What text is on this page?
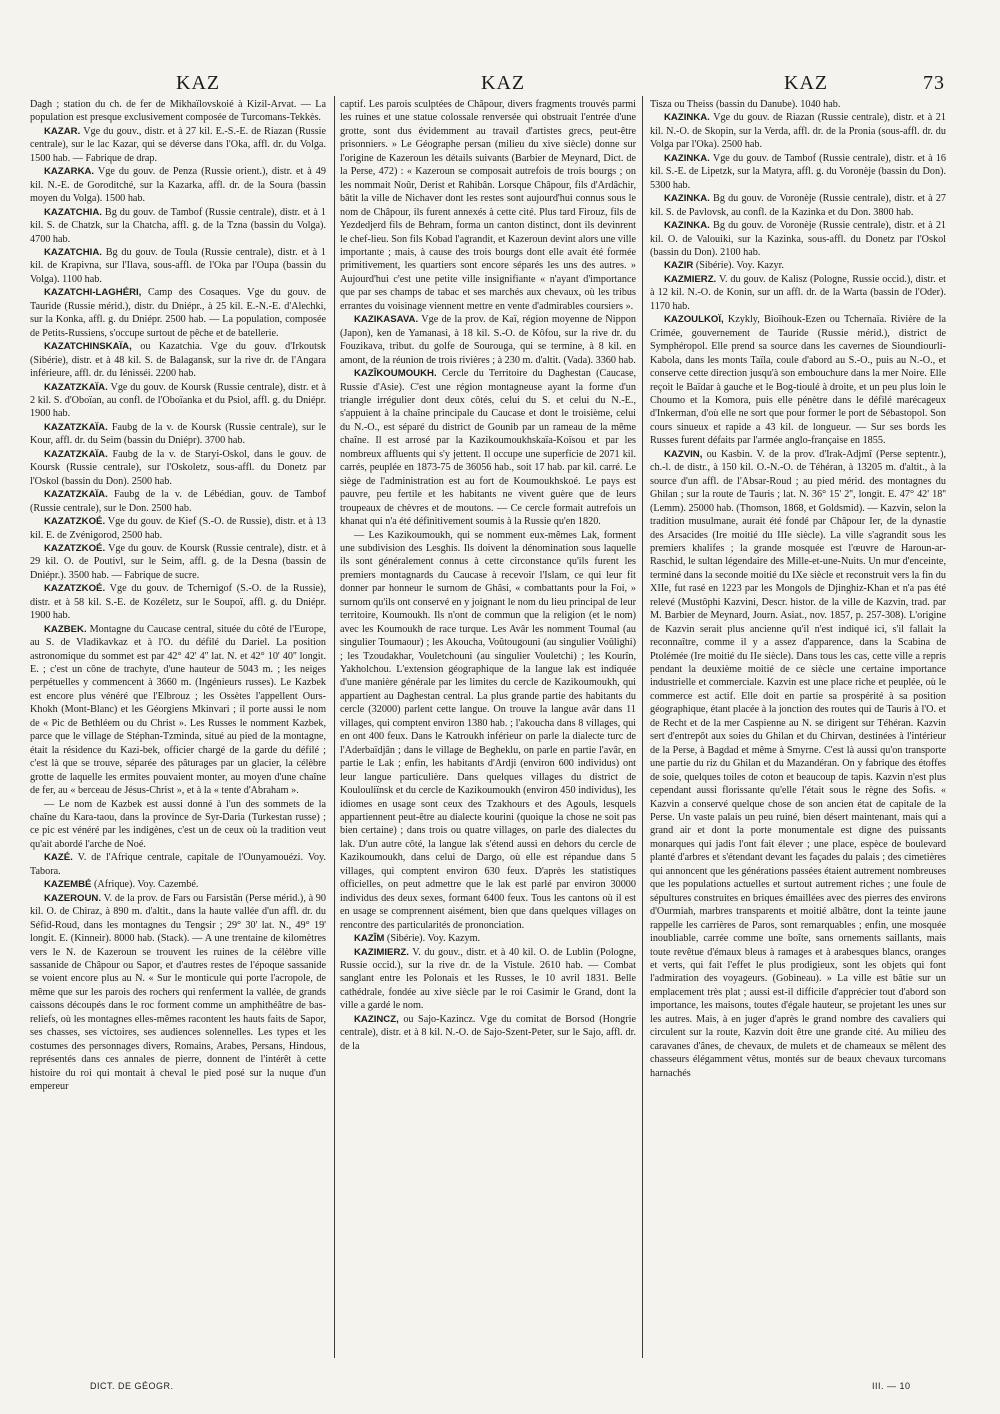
KAZ	KAZ	KAZ	73

Dagh ; station du ch. de fer de Mikhaïlovskoié à Kizil-Arvat. — La population est presque exclusivement composée de Turcomans-Tekkès.

KAZAR. Vge du gouv., distr. et à 27 kil. E.-S.-E. de Riazan (Russie centrale), sur le lac Kazar, qui se déverse dans l'Oka, affl. dr. du Volga. 1500 hab. — Fabrique de drap.

KAZARKA. Vge du gouv. de Penza (Russie orient.), distr. et à 49 kil. N.-E. de Goroditché, sur la Kazarka, affl. dr. de la Soura (bassin moyen du Volga). 1500 hab.

KAZATCHIA. Bg du gouv. de Tambof (Russie centrale), distr. et à 1 kil. S. de Chatzk, sur la Chatcha, affl. g. de la Tzna (bassin du Volga). 4700 hab.

KAZATCHIA. Bg du gouv. de Toula (Russie centrale), distr. et à 1 kil. de Krapivna, sur l'Ilava, sous-affl. de l'Oka par l'Oupa (bassin du Volga). 1100 hab.

KAZATCHI-LAGHÉRI, Camp des Cosaques. Vge du gouv. de Tauride (Russie mérid.), distr. du Dniépr., à 25 kil. E.-N.-E. d'Alechki, sur la Konka, affl. g. du Dniépr. 2500 hab. — La population, composée de Petits-Russiens, s'occupe surtout de pêche et de batellerie.

KAZATCHINSKAÏA, ou Kazatchia. Vge du gouv. d'Irkoutsk (Sibérie), distr. et à 48 kil. S. de Balagansk, sur la rive dr. de l'Angara inférieure, affl. dr. du Iénisséi. 2200 hab.

KAZATZKAÏA. Vge du gouv. de Koursk (Russie centrale), distr. et à 2 kil. S. d'Oboïan, au confl. de l'Oboïanka et du Psiol, affl. g. du Dniépr. 1900 hab.

KAZATZKAÏA. Faubg de la v. de Koursk (Russie centrale), sur le Kour, affl. dr. du Seim (bassin du Dniépr). 3700 hab.

KAZATZKAÏA. Faubg de la v. de Staryi-Oskol, dans le gouv. de Koursk (Russie centrale), sur l'Oskoletz, sous-affl. du Donetz par l'Oskol (bassin du Don). 2500 hab.

KAZATZKAÏA. Faubg de la v. de Lébédian, gouv. de Tambof (Russie centrale), sur le Don. 2500 hab.

KAZATZKOÉ. Vge du gouv. de Kief (S.-O. de Russie), distr. et à 13 kil. E. de Zvénigorod, 2500 hab.

KAZATZKOÉ. Vge du gouv. de Koursk (Russie centrale), distr. et à 29 kil. O. de Poutivl, sur le Seim, affl. g. de la Desna (bassin de Dniépr.). 3500 hab. — Fabrique de sucre.

KAZATZKOÉ. Vge du gouv. de Tchernigof (S.-O. de la Russie), distr. et à 58 kil. S.-E. de Kozéletz, sur le Soupoï, affl. g. du Dniépr. 1900 hab.

KAZBEK. Montagne du Caucase central, située du côté de l'Europe, au S. de Vladikavkaz et à l'O. du défilé du Dariel. La position astronomique du sommet est par 42° 42' 4'' lat. N. et 42° 10' 40'' longit. E. ; c'est un cône de trachyte, d'une hauteur de 5043 m. ; les neiges perpétuelles y commencent à 3660 m. (Ingénieurs russes). Le Kazbek est encore plus vénéré que l'Elbrouz ; les Ossètes l'appellent Ours-Khokh (Mont-Blanc) et les Géorgiens Mkinvari ; il porte aussi le nom de « Pic de Bethléem ou du Christ ». Les Russes le nomment Kazbek, parce que le village de Stéphan-Tzminda, situé au pied de la montagne, était la résidence du Kazi-bek, officier chargé de la garde du défilé ; c'est là que se trouve, séparée des pâturages par un glacier, la célèbre grotte de laquelle les ermites pouvaient monter, au moyen d'une chaîne de fer, au « berceau de Jésus-Christ », et à la « tente d'Abraham ».

— Le nom de Kazbek est aussi donné à l'un des sommets de la chaîne du Kara-taou, dans la province de Syr-Daria (Turkestan russe) ; ce pic est vénéré par les indigènes, c'est un de ceux où la tradition veut qu'ait abordé l'arche de Noé.

KAZÉ. V. de l'Afrique centrale, capitale de l'Ounyamouézi. Voy. Tabora.

KAZEMBÉ (Afrique). Voy. Cazembé.

KAZEROUN. V. de la prov. de Fars ou Farsistân (Perse mérid.), à 90 kil. O. de Chiraz, à 890 m. d'altit., dans la haute vallée d'un affl. dr. du Séfid-Roud, dans les montagnes du Tengsir ; 29° 30' lat. N., 49° 19' longit. E. (Kinneir). 8000 hab. (Stack). — A une trentaine de kilomètres vers le N. de Kazeroun se trouvent les ruines de la célèbre ville sassanide de Châpour ou Sapor, et d'autres restes de l'époque sassanide se voient encore plus au N. « Sur le monticule qui porte l'acropole, de même que sur les parois des rochers qui renferment la vallée, de grands caissons découpés dans le roc forment comme un amphithéâtre de bas-reliefs, où les montagnes elles-mêmes racontent les hauts faits de Sapor, ses chasses, ses victoires, ses audiences solennelles. Les types et les costumes des personnages divers, Romains, Arabes, Persans, Hindous, représentés dans ces annales de pierre, donnent de l'intérêt à cette histoire du roi qui montait à cheval le pied posé sur la nuque d'un empereur

captif. Les parois sculptées de Châpour, divers fragments trouvés parmi les ruines et une statue colossale renversée qui obstruait l'entrée d'une grotte, sont dus évidemment au travail d'artistes grecs, peut-être prisonniers. » Le Géographe persan (milieu du xive siècle) donne sur l'origine de Kazeroun les détails suivants (Barbier de Meynard, Dict. de la Perse, 472) : « Kazeroun se composait autrefois de trois bourgs ; on les nommait Noûr, Derist et Rahibân. Lorsque Châpour, fils d'Ardâchir, bâtit la ville de Nichaver dont les restes sont aujourd'hui connus sous le nom de Châpour, ils furent annexés à cette cité. Plus tard Firouz, fils de Yezdedjerd fils de Behram, forma un canton distinct, dont ils devinrent le chef-lieu. Son fils Kobad l'agrandit, et Kazeroun devint alors une ville importante ; mais, à cause des trois bourgs dont elle avait été formée primitivement, les quartiers sont encore séparés les uns des autres. » Aujourd'hui c'est une petite ville insignifiante « n'ayant d'importance que par ses champs de tabac et ses marchés aux chevaux, où les tribus errantes du voisinage viennent mettre en vente d'admirables coursiers ».

KAZIKASAVA. Vge de la prov. de Kaï, région moyenne de Nippon (Japon), ken de Yamanasi, à 18 kil. S.-O. de Kôfou, sur la rive dr. du Fouzikava, tribut. du golfe de Sourouga, qui se termine, à 8 kil. en amont, de la réunion de trois rivières ; à 230 m. d'altit. (Vada). 3360 hab.

KAZÎKOUMOUKH. Cercle du Territoire du Daghestan (Caucase, Russie d'Asie). C'est une région montagneuse ayant la forme d'un triangle irrégulier dont deux côtés, celui du S. et celui du N.-E., s'appuient à la chaîne principale du Caucase et dont le troisième, celui du N.-O., est séparé du district de Gounib par un rameau de la même chaîne. Il est arrosé par la Kazikoumoukhskaïa-Koïsou et par les nombreux affluents qui s'y jettent. Il occupe une superficie de 2071 kil. carrés, peuplée en 1873-75 de 36056 hab., soit 17 hab. par kil. carré. Le siège de l'administration est au fort de Koumoukhskoé. Le pays est pauvre, peu fertile et les habitants ne vivent guère que de leurs troupeaux de chèvres et de moutons. — Ce cercle formait autrefois un khanat qui n'a été définitivement soumis à la Russie qu'en 1820.

— Les Kazikoumoukh, qui se nomment eux-mêmes Lak, forment une subdivision des Lesghis. Ils doivent la dénomination sous laquelle ils sont généralement connus à cette circonstance qu'ils furent les premiers montagnards du Caucase à recevoir l'Islam, ce qui leur fit donner par honneur le surnom de Ghâsi, « combattants pour la Foi, » surnom qu'ils ont conservé en y joignant le nom du lieu principal de leur territoire, Koumoukh. Ils n'ont de commun que la religion (et le nom) avec les Koumoukh de race turque. Les Avâr les nomment Toumal (au singulier Toumaour) ; les Akoucha, Voûtougouni (au singulier Voûlighi) ; les Tzoudakhar, Vouletchouni (au singulier Vouletchi) ; les Kourîn, Yakholchou. L'extension géographique de la langue lak est indiquée d'une manière générale par les limites du cercle de Kazikoumoukh, qui appartient au Daghestan central. La plus grande partie des habitants du cercle (32000) parlent cette langue. On trouve la langue avâr dans 11 villages, qui comptent environ 1380 hab. ; l'akoucha dans 8 villages, qui en ont 400 feux. Dans le Katroukh inférieur on parle la dialecte turc de l'Aderbaïdjân ; dans le village de Begheklu, on parle en partie l'avâr, en partie le Lak ; enfin, les habitants d'Ardji (environ 600 individus) ont leur langue particulière. Dans quelques villages du district de Koulouliïnsk et du cercle de Kazikoumoukh (environ 450 individus), les idiomes en usage sont ceux des Tzakhours et des Agouls, lesquels appartiennent peut-être au dialecte kourini (quoique la chose ne soit pas bien certaine) ; dans trois ou quatre villages, on parle des dialectes du lak. D'un autre côté, la langue lak s'étend aussi en dehors du cercle de Kazikoumoukh, dans celui de Dargo, où elle est répandue dans 5 villages, qui comptent environ 630 feux. D'après les statistiques officielles, on peut admettre que le lak est parlé par environ 30000 individus des deux sexes, formant 6400 feux. Tous les cantons où il est en usage se comprennent aisément, bien que dans quelques villages on rencontre des particularités de prononciation.

KAZÎM (Sibérie). Voy. Kazym.

KAZIMIERZ. V. du gouv., distr. et à 40 kil. O. de Lublin (Pologne, Russie occid.), sur la rive dr. de la Vistule. 2610 hab. — Combat sanglant entre les Polonais et les Russes, le 10 avril 1831. Belle cathédrale, fondée au xive siècle par le roi Casimir le Grand, dont la ville a gardé le nom.

KAZINCZ, ou Sajo-Kazincz. Vge du comitat de Borsod (Hongrie centrale), distr. et à 8 kil. N.-O. de Sajo-Szent-Peter, sur le Sajo, affl. dr. de la

Tisza ou Theiss (bassin du Danube). 1040 hab.

KAZINKA. Vge du gouv. de Riazan (Russie centrale), distr. et à 21 kil. N.-O. de Skopin, sur la Verda, affl. dr. de la Pronia (sous-affl. dr. du Volga par l'Oka). 2500 hab.

KAZINKA. Vge du gouv. de Tambof (Russie centrale), distr. et à 16 kil. S.-E. de Lipetzk, sur la Matyra, affl. g. du Voronèje (bassin du Don). 5300 hab.

KAZINKA. Bg du gouv. de Voronèje (Russie centrale), distr. et à 27 kil. S. de Pavlovsk, au confl. de la Kazinka et du Don. 3800 hab.

KAZINKA. Bg du gouv. de Voronèje (Russie centrale), distr. et à 21 kil. O. de Valouiki, sur la Kazinka, sous-affl. du Donetz par l'Oskol (bassin du Don). 2100 hab.

KAZIR (Sibérie). Voy. Kazyr.

KAZMIERZ. V. du gouv. de Kalisz (Pologne, Russie occid.), distr. et à 12 kil. N.-O. de Konin, sur un affl. dr. de la Warta (bassin de l'Oder). 1170 hab.

KAZOULKOÏ, Kzykly, Bioïhouk-Ezen ou Tchernaïa. Rivière de la Crimée, gouvernement de Tauride (Russie mérid.), district de Symphéropol. Elle prend sa source dans les cavernes de Sioundiourli-Kabola, dans les monts Taïla, coule d'abord au S.-O., puis au N.-O., et conserve cette direction jusqu'à son embouchure dans la mer Noire. Elle reçoit le Baïdar à gauche et le Bog-tioulé à droite, et un peu plus loin le Choumo et la Komora, puis elle pénètre dans le défilé marécageux d'Inkerman, d'où elle ne sort que pour former le port de Sébastopol. Son cours sinueux et rapide a 43 kil. de longueur. — Sur ses bords les Russes furent défaits par l'armée anglo-française en 1855.

KAZVIN, ou Kasbin. V. de la prov. d'Irak-Adjmî (Perse septentr.), ch.-l. de distr., à 150 kil. O.-N.-O. de Téhéran, à 13205 m. d'altit., à la source d'un affl. de l'Absar-Roud ; au pied mérid. des montagnes du Ghilan ; sur la route de Tauris ; lat. N. 36° 15' 2'', longit. E. 47° 42' 18'' (Lemm). 25000 hab. (Thomson, 1868, et Goldsmid). — Kazvin, selon la tradition musulmane, aurait été fondé par Châpour Ier, de la dynastie des Arsacides (Ire moitié du IIIe siècle). La ville s'agrandit sous les premiers khalifes ; la grande mosquée est l'œuvre de Haroun-ar-Raschid, le sultan légendaire des Mille-et-une-Nuits. Un mur d'enceinte, terminé dans la seconde moitié du IXe siècle et reconstruit vers la fin du XIIe, fut rasé en 1223 par les Mongols de Djinghiz-Khan et n'a pas été relevé (Mustôphi Kazvini, Descr. histor. de la ville de Kazvin, trad. par M. Barbier de Meynard, Journ. Asiat., nov. 1857, p. 257-308). L'origine de Kazvin serait plus ancienne qu'il n'est indiqué ici, s'il fallait la reconnaître, comme il y a assez d'apparence, dans la Scabina de Ptolémée (Ire moitié du IIe siècle). Dans tous les cas, cette ville a repris pendant la deuxième moitié de ce siècle une certaine importance industrielle et commerciale. Kazvin est une place riche et peuplée, où le commerce est actif. Elle doit en partie sa prospérité à sa position géographique, étant placée à la jonction des routes qui de Tauris à l'O. et de Recht et de la mer Caspienne au N. se dirigent sur Téhéran. Kazvin sert d'entrepôt aux soies du Ghilan et du Chirvan, destinées à l'intérieur de la Perse, à Bagdad et même à Smyrne. C'est là aussi qu'on transporte une partie du riz du Ghilan et du Mazandéran. On y fabrique des étoffes de soie, quelques toiles de coton et beaucoup de tapis. Kazvin n'est plus cependant aussi florissante qu'elle l'était sous le règne des Sofis. « Kazvin a conservé quelque chose de son ancien état de capitale de la Perse. Un vaste palais un peu ruiné, bien désert maintenant, mais qui a grand air et dont la porte monumentale est digne des puissants monarques qui jadis l'ont fait élever ; une place, espèce de boulevard planté d'arbres et s'étendant devant les façades du palais ; des cimetières qui annoncent que les générations passées étaient autrement nombreuses que les populations actuelles et surtout autrement riches ; une foule de sépultures construites en briques émaillées avec des pierres des environs d'Ourmiah, marbres transparents et moitié albâtre, dont la teinte jaune rappelle les carrières de Paros, sont remarquables ; enfin, une mosquée inoubliable, carrée comme une boîte, sans ornements saillants, mais toute revêtue d'émaux bleus à ramages et à arabesques blancs, oranges et verts, qui fait l'effet le plus prodigieux, sont les objets qui font l'admiration des voyageurs. (Gobineau). » La ville est bâtie sur un emplacement très plat ; aussi est-il difficile d'apprécier tout d'abord son importance, les maisons, toutes d'égale hauteur, se projetant les unes sur les autres. Mais, à en juger d'après le grand nombre des cavaliers qui circulent sur la route, Kazvin doit être une grande cité. Au milieu des caravanes d'ânes, de chevaux, de mulets et de chameaux se mêlent des chasseurs élégamment vêtus, montés sur de beaux chevaux turcomans harnachés

DICT. DE GÉOGR.	III. — 10
